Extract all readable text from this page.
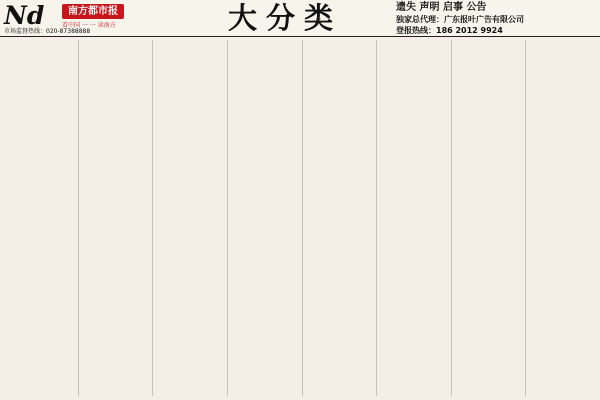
Nd	南方都市报
看中国 一 一 读南方
市场监督热线：020-87388888	大分类	遗失 声明 启事 公告
独家总代理：广东报叶广告有限公司
登报热线：186 2012 9924
